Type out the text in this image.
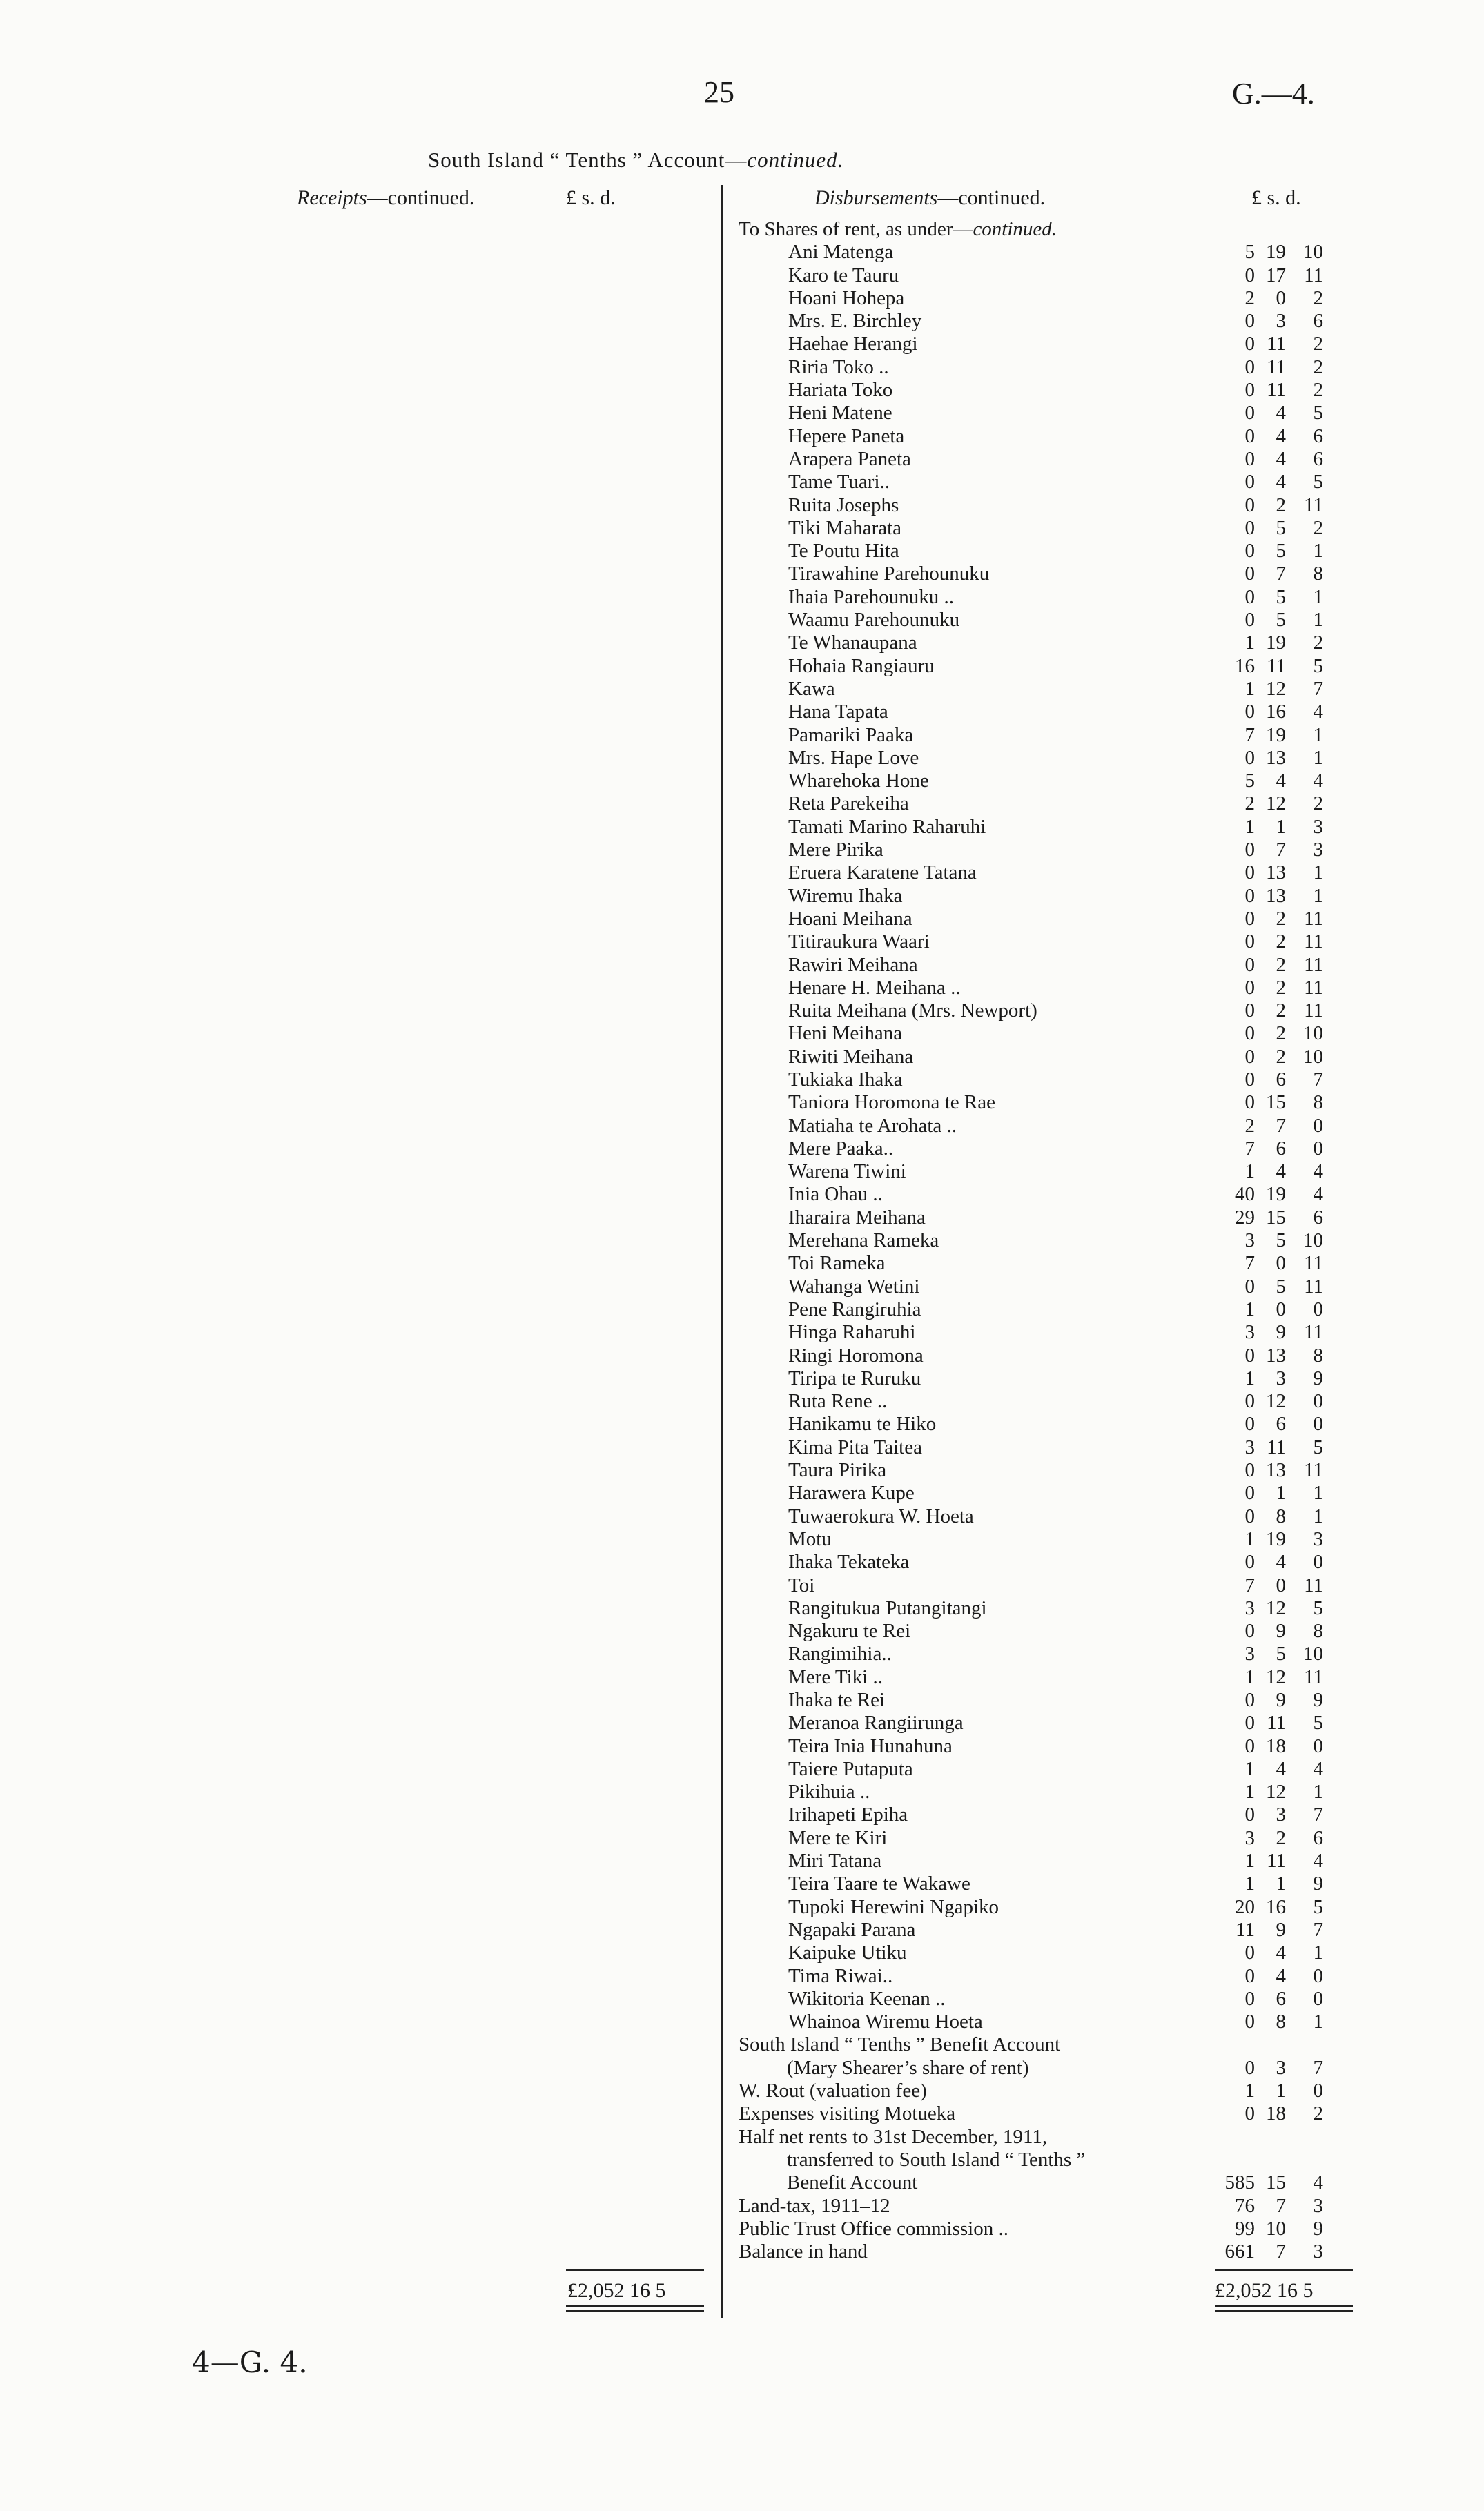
25	G.—4.
South Island “ Tenths ” Account—continued.
Receipts—continued.	£ s. d.	Disbursements—continued.	£ s. d.
To Shares of rent, as under—continued.
Ani Matenga	5 19 10
Karo te Tauru	0 17 11
Hoani Hohepa	2	0	2
Mrs. E. Birchley	0	3	6
Haehae Herangi	0 11	2
Riria Toko ..	0 11	2
Hariata Toko	0 11	2
Heni Matene	0	4	5
Hepere Paneta	0	4	6
Arapera Paneta	0	4	6
Tame Tuari..	0	4	5
Ruita Josephs	0	2 11
Tiki Maharata	0	5	2
Te Poutu Hita	0	5	1
Tirawahine Parehounuku	0	7	8
Ihaia Parehounuku ..	0	5	1
Waamu Parehounuku	0	5	1
Te Whanaupana	1 19	2
Hohaia Rangiauru	16 11	5
Kawa	1 12	7
Hana Tapata	0 16	4
Pamariki Paaka	7 19	1
Mrs. Hape Love	0 13	1
Wharehoka Hone	5	4	4
Reta Parekeiha	2 12	2
Tamati Marino Raharuhi	1	1	3
Mere Pirika	0	7	3
Eruera Karatene Tatana	0 13	1
Wiremu Ihaka	0 13	1
Hoani Meihana	0	2 11
Titiraukura Waari	0	2 11
Rawiri Meihana	0	2 11
Henare H. Meihana ..	0	2 11
Ruita Meihana (Mrs. Newport)	0	2 11
Heni Meihana	0	2 10
Riwiti Meihana	0	2 10
Tukiaka Ihaka	0	6	7
Taniora Horomona te Rae	0 15	8
Matiaha te Arohata ..	2	7	0
Mere Paaka..	7	6	0
Warena Tiwini	1	4	4
Inia Ohau ..	40 19	4
Iharaira Meihana	29 15	6
Merehana Rameka	3	5 10
Toi Rameka	7	0 11
Wahanga Wetini	0	5 11
Pene Rangiruhia	1	0	0
Hinga Raharuhi	3	9 11
Ringi Horomona	0 13	8
Tiripa te Ruruku	1	3	9
Ruta Rene ..	0 12	0
Hanikamu te Hiko	0	6	0
Kima Pita Taitea	3 11	5
Taura Pirika	0 13 11
Harawera Kupe	0	1	1
Tuwaerokura W. Hoeta	0	8	1
Motu	1 19	3
Ihaka Tekateka	0	4	0
Toi	7	0 11
Rangitukua Putangitangi	3 12	5
Ngakuru te Rei	0	9	8
Rangimihia..	3	5 10
Mere Tiki ..	1 12 11
Ihaka te Rei	0	9	9
Meranoa Rangiirunga	0 11	5
Teira Inia Hunahuna	0 18	0
Taiere Putaputa	1	4	4
Pikihuia ..	1 12	1
Irihapeti Epiha	0	3	7
Mere te Kiri	3	2	6
Miri Tatana	1 11	4
Teira Taare te Wakawe	1	1	9
Tupoki Herewini Ngapiko	20 16	5
Ngapaki Parana	11	9	7
Kaipuke Utiku	0	4	1
Tima Riwai..	0	4	0
Wikitoria Keenan ..	0	6	0
Whainoa Wiremu Hoeta	0	8	1
South Island “ Tenths ” Benefit Account
(Mary Shearer’s share of rent)	0	3	7
W. Rout (valuation fee)	1	1	0
Expenses visiting Motueka	0 18	2
Half net rents to 31st December, 1911,
transferred to South Island “ Tenths ”
Benefit Account	585 15	4
Land-tax, 1911–12	76	7	3
Public Trust Office commission ..	99 10	9
Balance in hand	661	7	3
£2,052 16 5	£2,052 16 5
4—G. 4.
